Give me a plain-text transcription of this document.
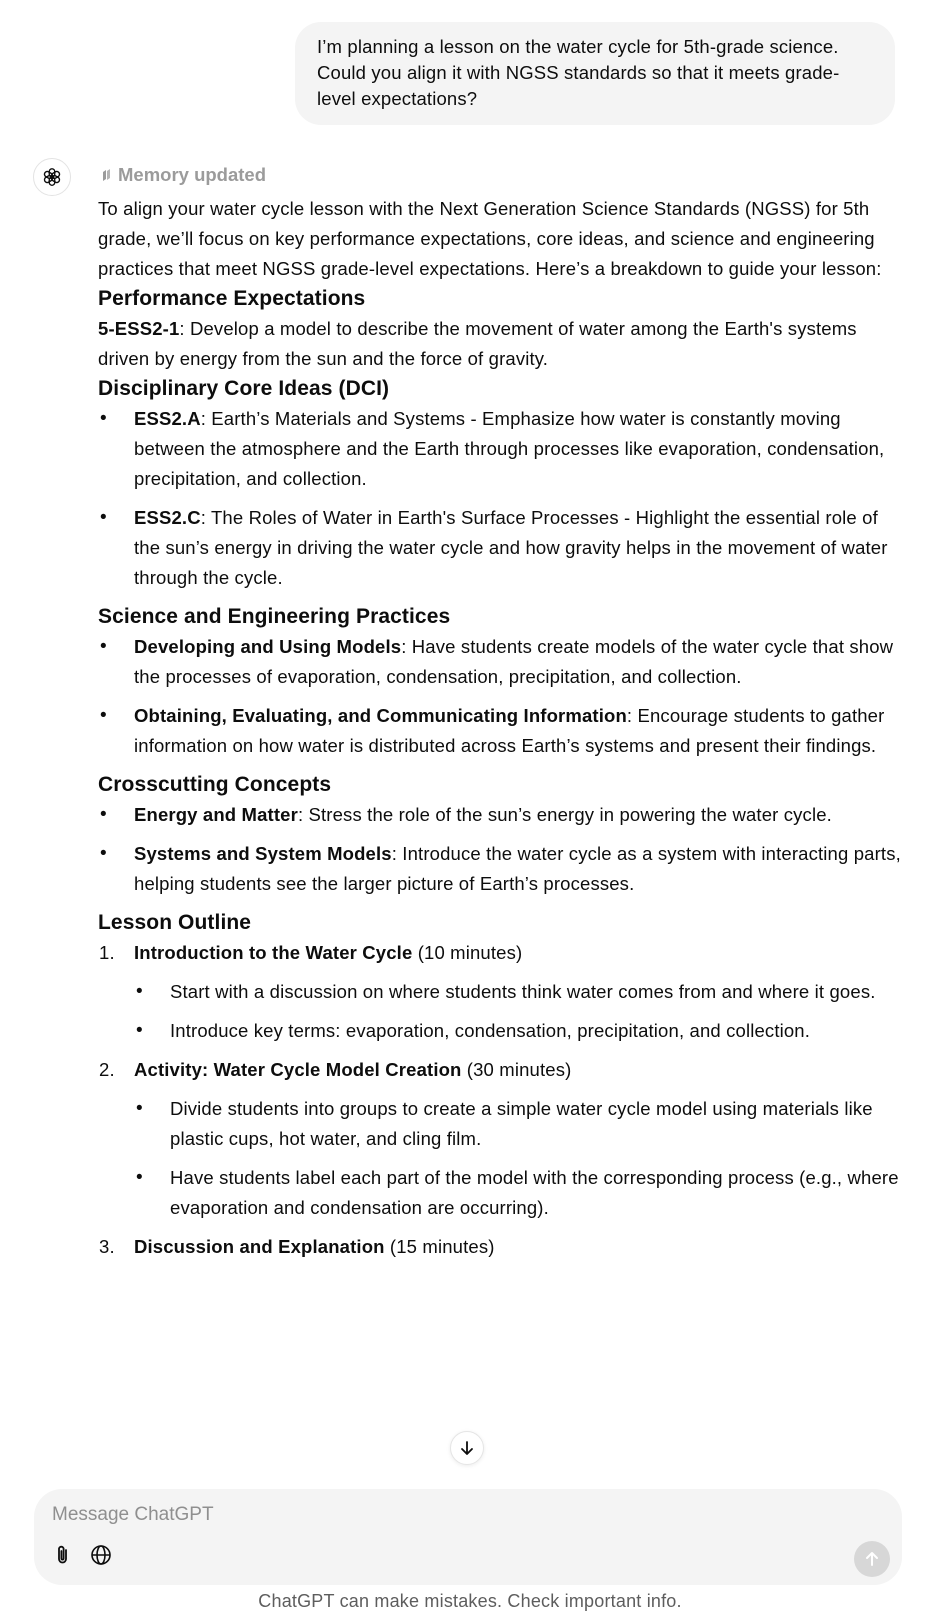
I’m planning a lesson on the water cycle for 5th-grade science. Could you align it with NGSS standards so that it meets grade-level expectations?
Memory updated

To align your water cycle lesson with the Next Generation Science Standards (NGSS) for 5th grade, we’ll focus on key performance expectations, core ideas, and science and engineering practices that meet NGSS grade-level expectations. Here’s a breakdown to guide your lesson:

Performance Expectations

5-ESS2-1: Develop a model to describe the movement of water among the Earth's systems driven by energy from the sun and the force of gravity.

Disciplinary Core Ideas (DCI)
• ESS2.A: Earth’s Materials and Systems - Emphasize how water is constantly moving between the atmosphere and the Earth through processes like evaporation, condensation, precipitation, and collection.
• ESS2.C: The Roles of Water in Earth's Surface Processes - Highlight the essential role of the sun’s energy in driving the water cycle and how gravity helps in the movement of water through the cycle.
Science and Engineering Practices
• Developing and Using Models: Have students create models of the water cycle that show the processes of evaporation, condensation, precipitation, and collection.
• Obtaining, Evaluating, and Communicating Information: Encourage students to gather information on how water is distributed across Earth’s systems and present their findings.
Crosscutting Concepts
• Energy and Matter: Stress the role of the sun’s energy in powering the water cycle.
• Systems and System Models: Introduce the water cycle as a system with interacting parts, helping students see the larger picture of Earth’s processes.
Lesson Outline
1. Introduction to the Water Cycle (10 minutes)
• Start with a discussion on where students think water comes from and where it goes.
• Introduce key terms: evaporation, condensation, precipitation, and collection.
2. Activity: Water Cycle Model Creation (30 minutes)
• Divide students into groups to create a simple water cycle model using materials like plastic cups, hot water, and cling film.
• Have students label each part of the model with the corresponding process (e.g., where evaporation and condensation are occurring).
3. Discussion and Explanation (15 minutes)
Message ChatGPT
ChatGPT can make mistakes. Check important info.
